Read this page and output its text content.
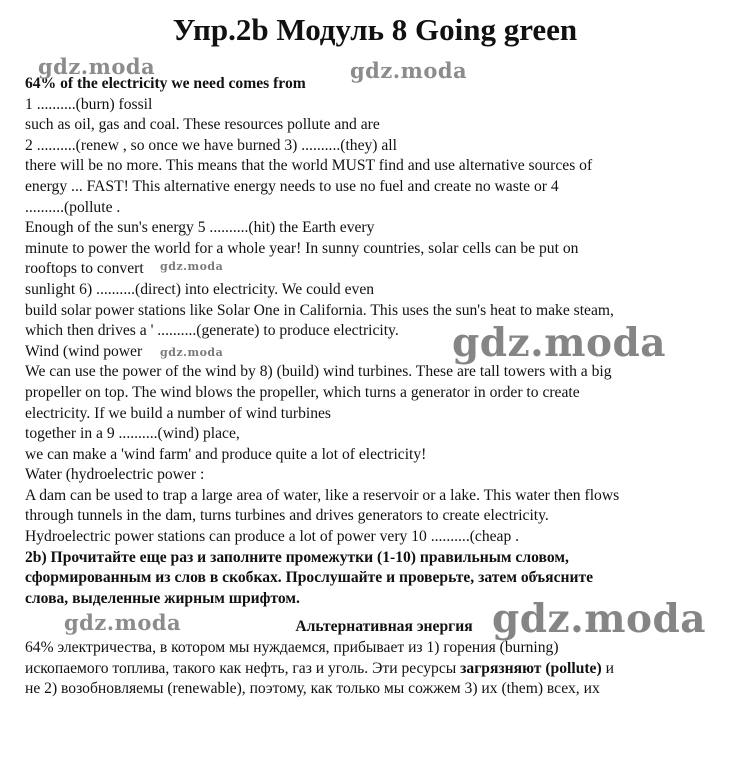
Упр.2b Модуль 8 Going green
64% of the electricity we need comes from
1 ..........(burn) fossil
such as oil, gas and coal. These resources pollute and are
2 ..........(renew , so once we have burned 3) ..........(they) all
there will be no more. This means that the world MUST find and use alternative sources of
energy ... FAST! This alternative energy needs to use no fuel and create no waste or 4
..........(pollute .
Enough of the sun's energy 5 ..........(hit) the Earth every
minute to power the world for a whole year! In sunny countries, solar cells can be put on
rooftops to convert
sunlight 6) ..........(direct) into electricity. We could even
build solar power stations like Solar One in California. This uses the sun's heat to make steam,
which then drives a ' ..........(generate) to produce electricity.
Wind (wind power
We can use the power of the wind by 8) (build) wind turbines. These are tall towers with a big
propeller on top. The wind blows the propeller, which turns a generator in order to create
electricity. If we build a number of wind turbines
together in a 9 ..........(wind) place,
we can make a 'wind farm' and produce quite a lot of electricity!
Water (hydroelectric power :
A dam can be used to trap a large area of water, like a reservoir or a lake. This water then flows
through tunnels in the dam, turns turbines and drives generators to create electricity.
Hydroelectric power stations can produce a lot of power very 10 ..........(cheap .
2b) Прочитайте еще раз и заполните промежутки (1-10) правильным словом,
сформированным из слов в скобках. Прослушайте и проверьте, затем объясните
слова, выделенные жирным шрифтом.
Альтернативная энергия
64% электричества, в котором мы нуждаемся, прибывает из 1) горения (burning)
ископаемого топлива, такого как нефть, газ и уголь. Эти ресурсы загрязняют (pollute) и
не 2) возобновляемы (renewable), поэтому, как только мы сожжем 3) их (them) всех, их
gdz.moda	gdz.moda
gdz.moda
gdz.moda	gdz.moda
gdz.moda	gdz.moda
